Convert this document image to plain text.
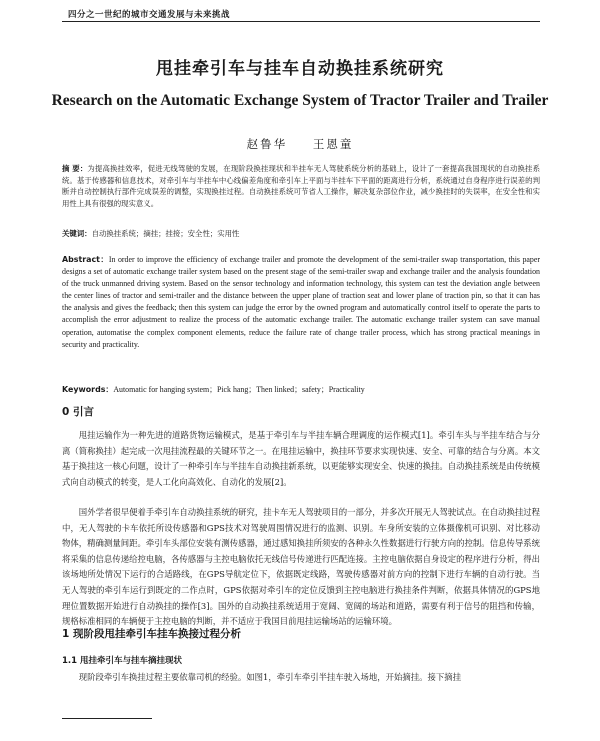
四分之一世纪的城市交通发展与未来挑战
甩挂牵引车与挂车自动换挂系统研究
Research on the Automatic Exchange System of Tractor Trailer and Trailer
赵鲁华 王恩童
摘 要：为提高换挂效率，促进无线驾驶的发展，在现阶段换挂现状和半挂车无人驾驶系统分析的基础上，设计了一套提高我国现状的自动换挂系统。基于传感器和信息技术，对牵引车与半挂车中心线偏差角度和牵引车上平面与半挂车下平面的距离进行分析，系统通过自身程序进行误差的判断并自动控制执行部件完成误差的调整，实现换挂过程。自动换挂系统可节省人工操作，解决复杂部位作业，减少换挂时的失误率，在安全性和实用性上具有很强的现实意义。
关键词：自动换挂系统；摘挂；挂接；安全性；实用性
Abstract：In order to improve the efficiency of exchange trailer and promote the development of the semi-trailer swap transportation, this paper designs a set of automatic exchange trailer system based on the present stage of the semi-trailer swap and exchange trailer and the analysis foundation of the truck unmanned driving system. Based on the sensor technology and information technology, this system can test the deviation angle between the center lines of tractor and semi-trailer and the distance between the upper plane of traction seat and lower plane of traction pin, so that it can has the analysis and gives the feedback; then this system can judge the error by the owned program and automatically control itself to operate the parts to accomplish the error adjustment to realize the process of the automatic exchange trailer. The automatic exchange trailer system can save manual operation, automatise the complex component elements, reduce the failure rate of change trailer process, which has strong practical meanings in security and practicality.
Keywords：Automatic for hanging system；Pick hang；Then linked；safety；Practicality
0 引言
甩挂运输作为一种先进的道路货物运输模式，是基于牵引车与半挂车辆合理调度的运作模式[1]。牵引车头与半挂车结合与分离（简称换挂）起完成一次甩挂流程最的关键环节之一。在甩挂运输中，换挂环节要求实现快速、安全、可靠的结合与分离。本文基于换挂这一核心问题，设计了一种牵引车与半挂车自动换挂新系统，以更能够实现安全、快速的换挂。自动换挂系统是由传统模式向自动模式的转变，是人工化向高效化、自动化的发展[2]。
国外学者很早便着手牵引车自动换挂系统的研究，挂卡车无人驾驶项目的一部分，并多次开展无人驾驶试点。在自动换挂过程中，无人驾驶的卡车依托所设传感器和GPS技术对驾驶周围情况进行的监测、识别。车身所安装的立体摄像机可识别、对比移动物体，精确测量间距。牵引车头部位安装有测传感器，通过感知换挂所须安的各种永久性数据进行行驶方向的控制。信息传导系统将采集的信息传递给控电脑，各传感器与主控电脑依托无线信号传递进行匹配连接。主控电脑依据自身设定的程序进行分析，得出该场地所处情况下运行的合适路线，在GPS导航定位下，依据既定线路，驾驶传感器对前方向的控制下进行车辆的自动行驶。当无人驾驶的牵引车运行到既定的二作点时，GPS依据对牵引车的定位反馈到主控电脑进行换挂条件判断，依据具体情况的GPS地理位置数据开始进行自动换挂的操作[3]。国外的自动换挂系统适用于宽阔、宽阔的场站和道路，需要有利于信号的阻挡和传输，规格标准相同的车辆便于主控电脑的判断，并不适应于我国目前甩挂运输场站的运输环境。
1 现阶段甩挂牵引车挂车换接过程分析
1.1 甩挂牵引车与挂车摘挂现状
现阶段牵引车换挂过程主要依靠司机的经验。如图1，牵引车牵引半挂车驶入场地，开始摘挂。接下摘挂
